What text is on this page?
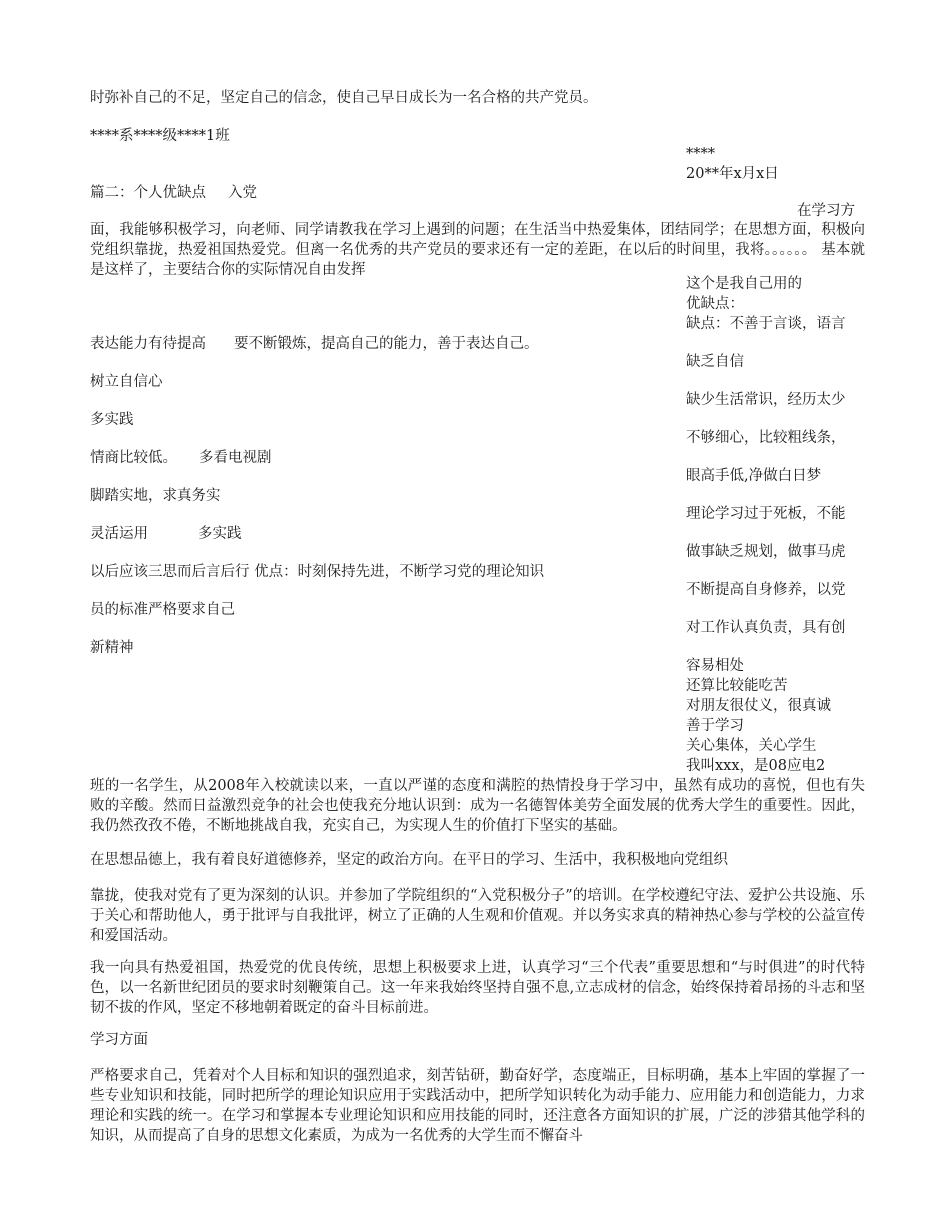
时弥补自己的不足，坚定自己的信念，使自己早日成长为一名合格的共产党员。
****系****级****1班
****
20**年x月x日
篇二：个人优缺点 入党
在学习方
面，我能够积极学习，向老师、同学请教我在学习上遇到的问题；在生活当中热爱集体，团结同学；在思想方面，积极向党组织靠拢，热爱祖国热爱党。但离一名优秀的共产党员的要求还有一定的差距，在以后的时间里，我将。。。。。。 基本就是这样了，主要结合你的实际情况自由发挥
这个是我自己用的
优缺点：
缺点：不善于言谈，语言
表达能力有待提高 要不断锻炼，提高自己的能力，善于表达自己。
缺乏自信
树立自信心
缺少生活常识，经历太少
多实践
不够细心，比较粗线条，
情商比较低。 多看电视剧
眼高手低,净做白日梦
脚踏实地，求真务实
理论学习过于死板，不能
灵活运用	多实践
做事缺乏规划，做事马虎
以后应该三思而后言后行 优点：时刻保持先进，不断学习党的理论知识
不断提高自身修养，以党
员的标准严格要求自己
对工作认真负责，具有创
新精神
容易相处
还算比较能吃苦
对朋友很仗义，很真诚
善于学习
关心集体，关心学生
我叫xxx，是08应电2
班的一名学生，从2008年入校就读以来，一直以严谨的态度和满腔的热情投身于学习中，虽然有成功的喜悦，但也有失败的辛酸。然而日益激烈竞争的社会也使我充分地认识到：成为一名德智体美劳全面发展的优秀大学生的重要性。因此，我仍然孜孜不倦，不断地挑战自我，充实自己，为实现人生的价值打下坚实的基础。
在思想品德上，我有着良好道德修养，坚定的政治方向。在平日的学习、生活中，我积极地向党组织
靠拢，使我对党有了更为深刻的认识。并参加了学院组织的“入党积极分子”的培训。在学校遵纪守法、爱护公共设施、乐于关心和帮助他人，勇于批评与自我批评，树立了正确的人生观和价值观。并以务实求真的精神热心参与学校的公益宣传和爱国活动。
我一向具有热爱祖国，热爱党的优良传统，思想上积极要求上进，认真学习“三个代表”重要思想和“与时俱进”的时代特色，以一名新世纪团员的要求时刻鞭策自己。这一年来我始终坚持自强不息,立志成材的信念，始终保持着昂扬的斗志和坚韧不拔的作风，坚定不移地朝着既定的奋斗目标前进。
学习方面
严格要求自己，凭着对个人目标和知识的强烈追求，刻苦钻研，勤奋好学，态度端正，目标明确，基本上牢固的掌握了一些专业知识和技能，同时把所学的理论知识应用于实践活动中，把所学知识转化为动手能力、应用能力和创造能力，力求理论和实践的统一。在学习和掌握本专业理论知识和应用技能的同时，还注意各方面知识的扩展，广泛的涉猎其他学科的知识，从而提高了自身的思想文化素质，为成为一名优秀的大学生而不懈奋斗
